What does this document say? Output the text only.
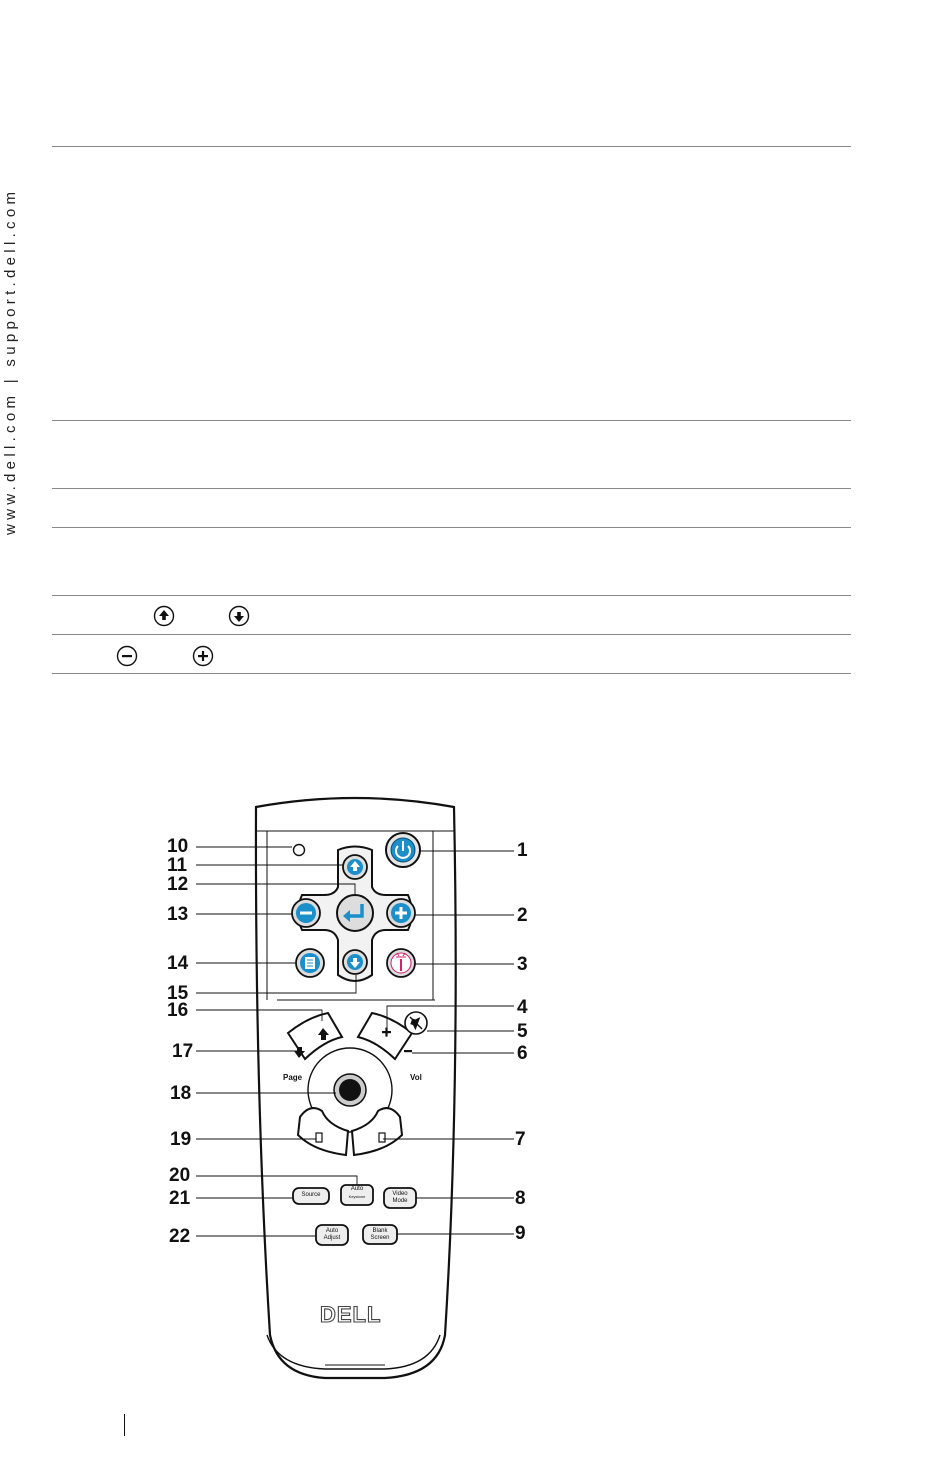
www.dell.com | support.dell.com
DELL
Page	Vol
Source
Auto
Keystone	Video
Mode
Auto
Adjust
Blank
Screen
10
11
12
13
14
15
16
17
18
19
20
21
22
1
2
3
4
5
6
7
8
9
